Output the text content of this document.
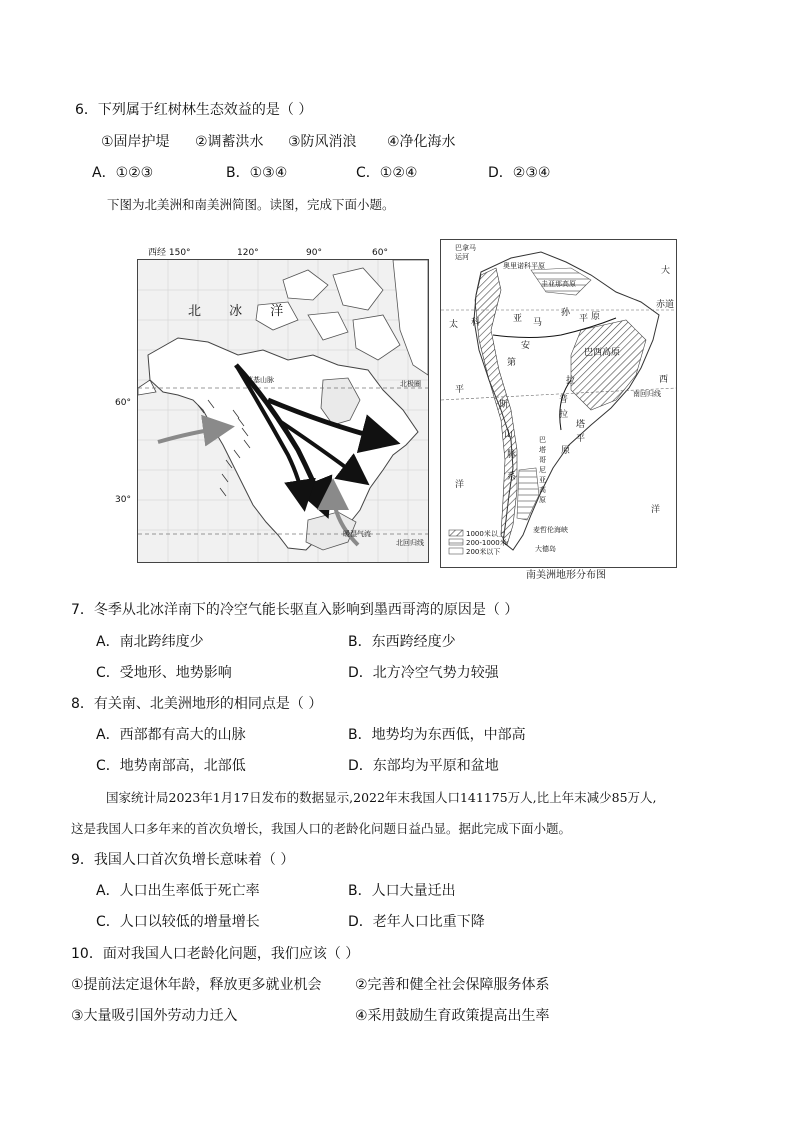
6．下列属于红树林生态效益的是（ ）
①固岸护堤 ②调蓄洪水 ③防风消浪 ④净化海水
A．①②③	B．①③④	C．①②④	D．②③④
下图为北美洲和南美洲简图。读图，完成下面小题。
西经 150°	120°	90°	60°
60°
30°
北 冰 洋
北极圈
北回归线
落基山脉
暖湿气流
巴拿马
运河
大
赤道
太 科
平
洋
西
洋
南回归线
圭亚那高原
奥里诺科平原
亚 马
孙
平 原
巴西高原
安
第
斯
山
脉
系
拉
普
拉
塔
平
原
巴
塔
哥
尼
亚
高
原
麦哲伦海峡
大德岛
1000米以上
200-1000米
200米以下
南美洲地形分布图
7．冬季从北冰洋南下的冷空气能长驱直入影响到墨西哥湾的原因是（ ）
A．南北跨纬度少	B．东西跨经度少
C．受地形、地势影响	D．北方冷空气势力较强
8．有关南、北美洲地形的相同点是（ ）
A．西部都有高大的山脉	B．地势均为东西低，中部高
C．地势南部高，北部低	D．东部均为平原和盆地
国家统计局2023年1月17日发布的数据显示,2022年末我国人口141175万人,比上年末减少85万人,
这是我国人口多年来的首次负增长，我国人口的老龄化问题日益凸显。据此完成下面小题。
9．我国人口首次负增长意味着（ ）
A．人口出生率低于死亡率	B．人口大量迁出
C．人口以较低的增量增长	D．老年人口比重下降
10．面对我国人口老龄化问题，我们应该（ ）
①提前法定退休年龄，释放更多就业机会 ②完善和健全社会保障服务体系
③大量吸引国外劳动力迁入	④采用鼓励生育政策提高出生率
